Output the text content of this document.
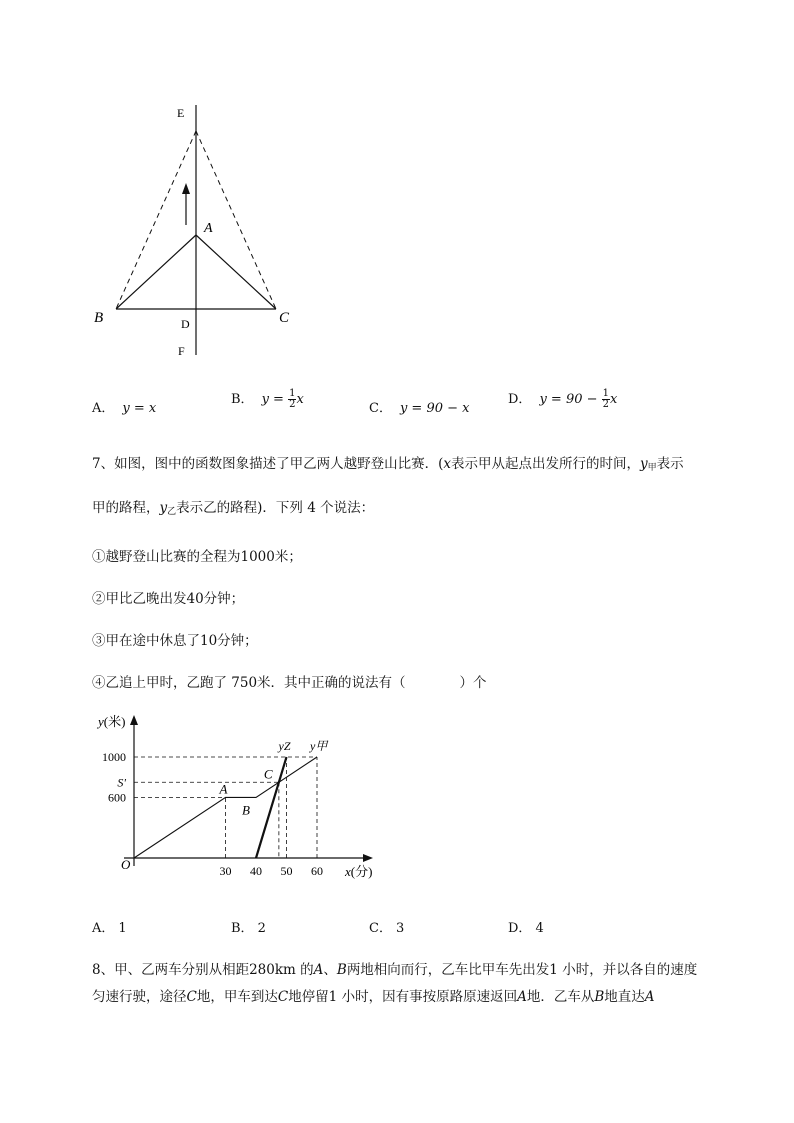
E
A
B	C
D
F
A． y = x
B． $y = \frac{1}{2}$ x
C． y = 90 − x
D． $y = 90 - \frac{1}{2}$ x
7、如图，图中的函数图象描述了甲乙两人越野登山比赛．(x表示甲从起点出发所行的时间，$y_甲$表示
甲的路程，$y_乙$表示乙的路程)．下列 4 个说法：
①越野登山比赛的全程为1000米；
②甲比乙晚出发40分钟；
③甲在途中休息了10分钟；
④乙追上甲时，乙跑了 750米．其中正确的说法有（　　　　）个
y(米)
x(分)
O
600
S'
1000
30 40 50 60
yZ y甲
A
B
C
A． 1	B． 2	C． 3	D． 4
8、甲、乙两车分别从相距280km 的A、B两地相向而行，乙车比甲车先出发1 小时，并以各自的速度
匀速行驶，途径C地，甲车到达C地停留1 小时，因有事按原路原速返回A地．乙车从B地直达A
